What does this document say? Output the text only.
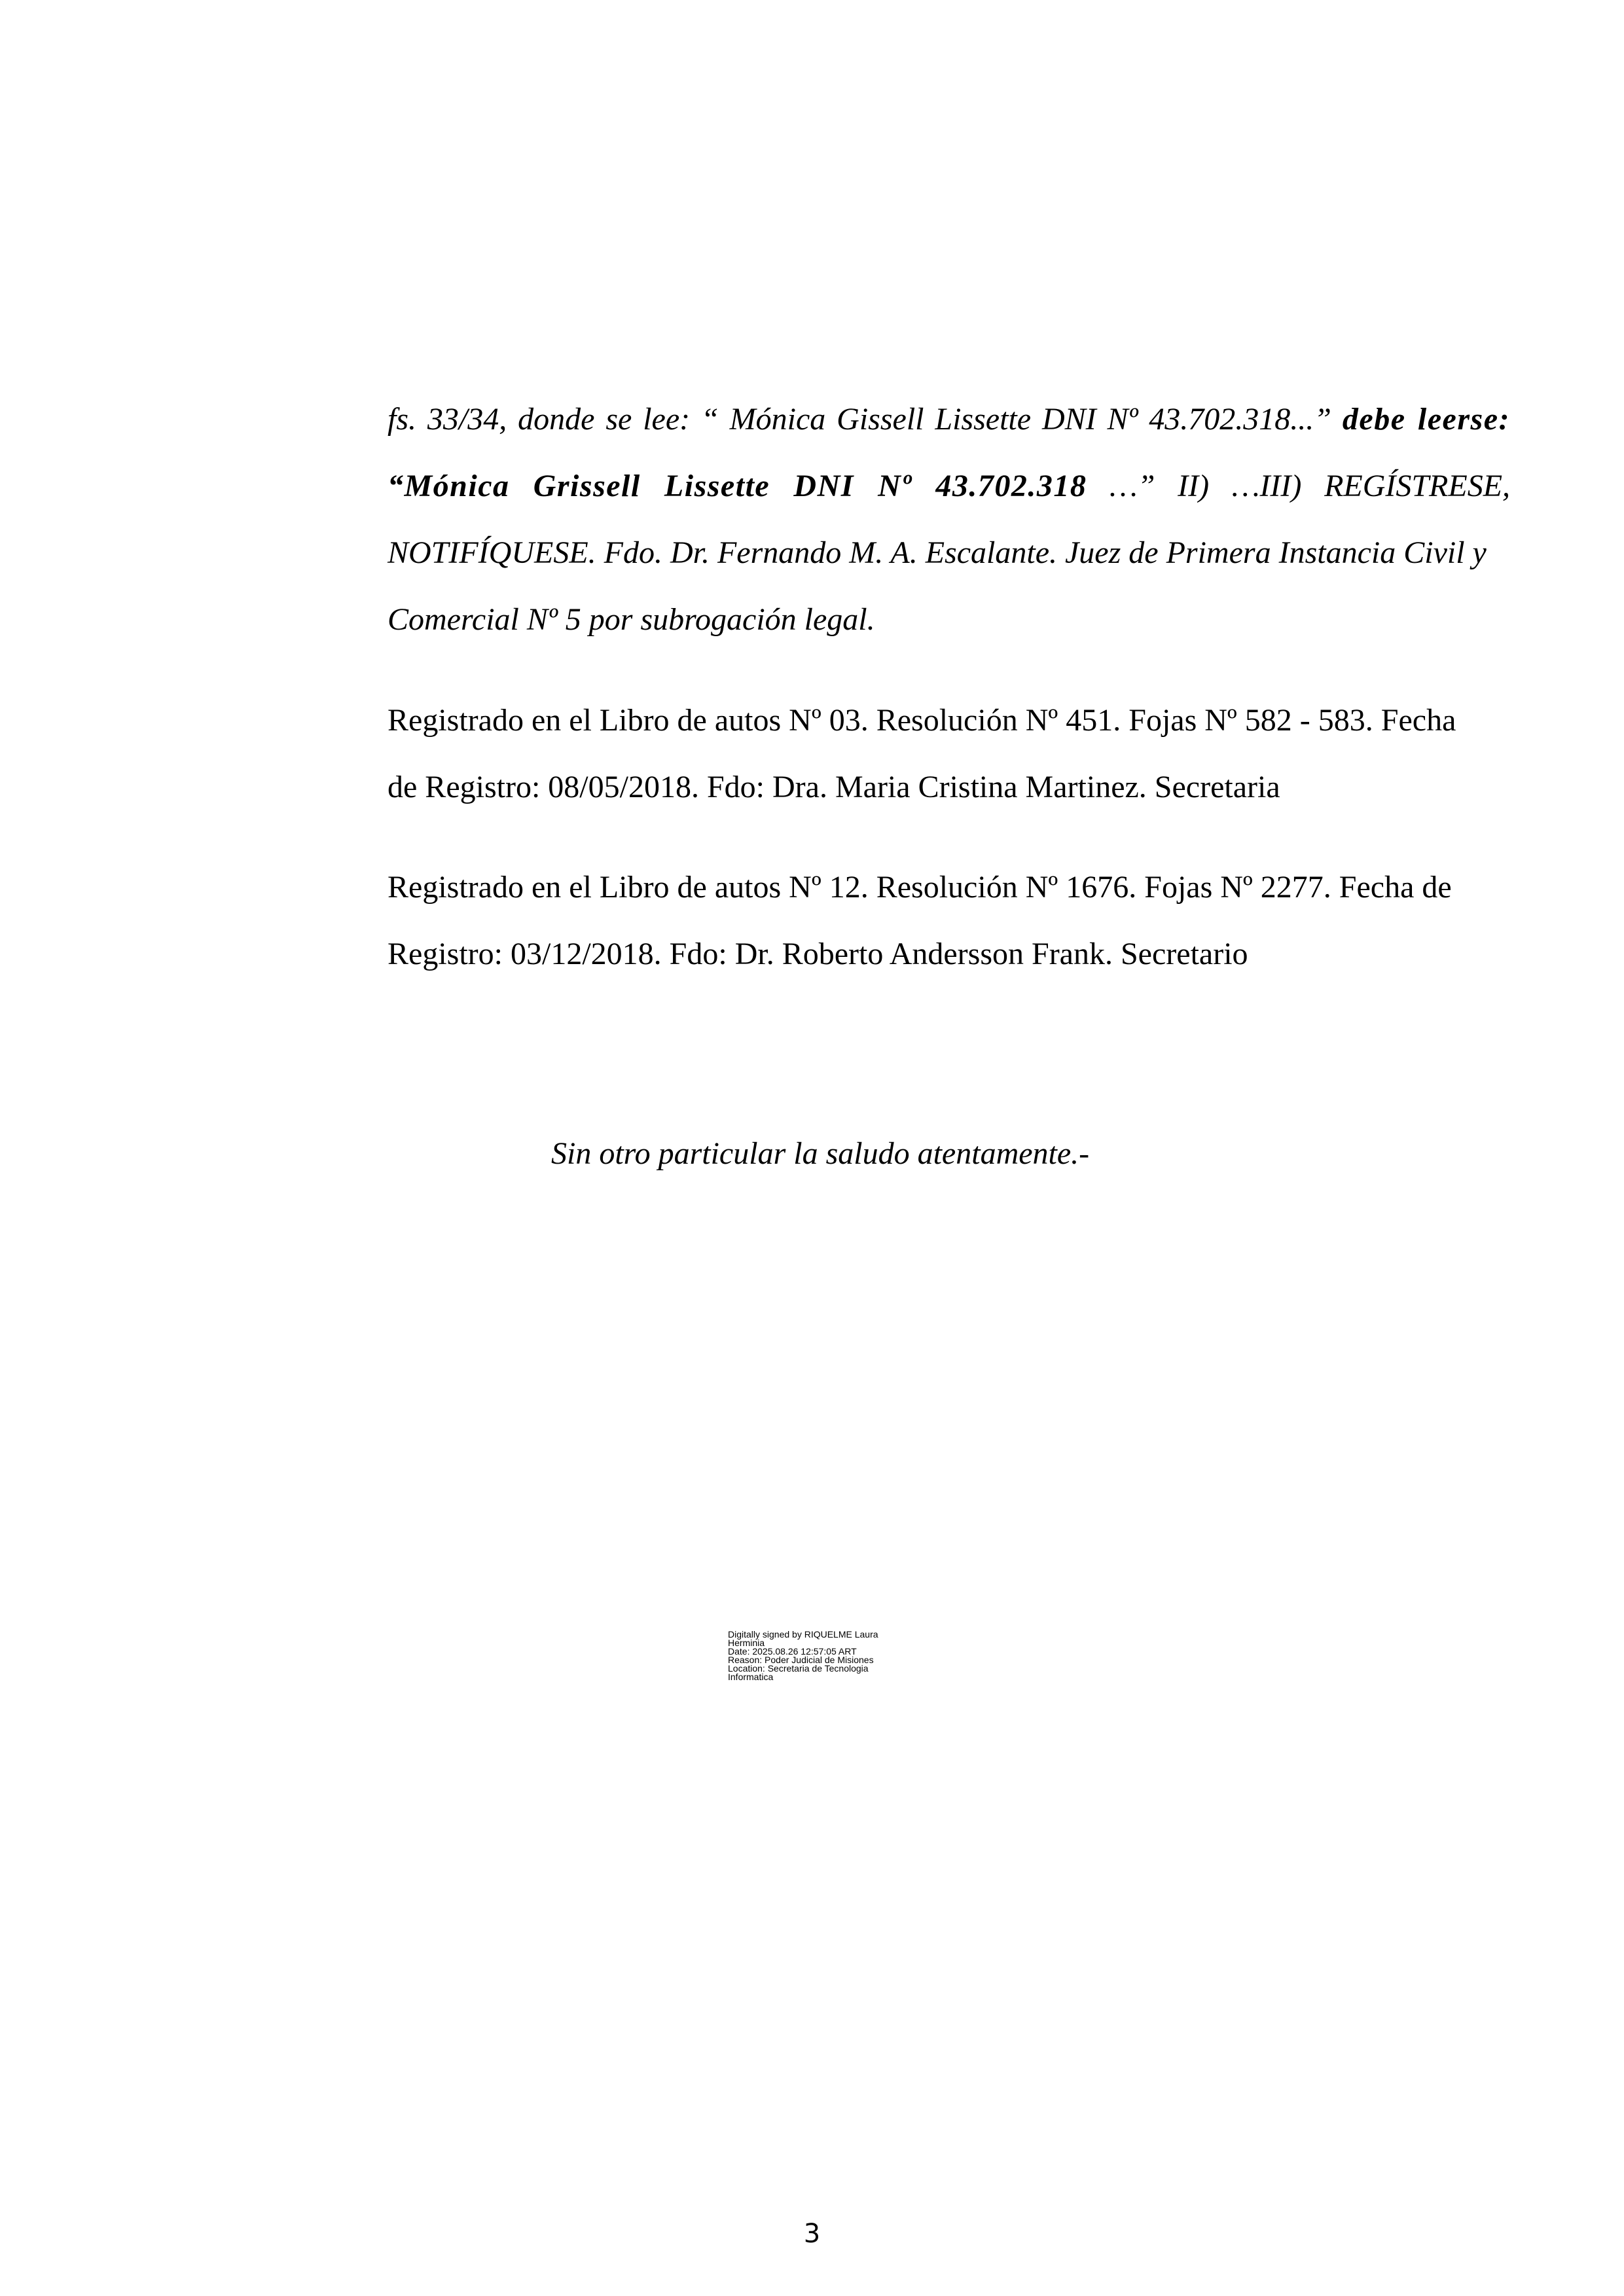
fs. 33/34, donde se lee: “ Mónica Gissell Lissette DNI Nº 43.702.318...” debe leerse:
“Mónica Grissell Lissette DNI Nº 43.702.318 …” II) …III) REGÍSTRESE,
NOTIFÍQUESE. Fdo. Dr. Fernando M. A. Escalante. Juez de Primera Instancia Civil y
Comercial Nº 5 por subrogación legal.
Registrado en el Libro de autos Nº 03. Resolución Nº 451. Fojas Nº 582 - 583. Fecha
de Registro: 08/05/2018. Fdo: Dra. Maria Cristina Martinez. Secretaria
Registrado en el Libro de autos Nº 12. Resolución Nº 1676. Fojas Nº 2277. Fecha de
Registro: 03/12/2018. Fdo: Dr. Roberto Andersson Frank. Secretario
Sin otro particular la saludo atentamente.-
Digitally signed by RIQUELME Laura
Herminia
Date: 2025.08.26 12:57:05 ART
Reason: Poder Judicial de Misiones
Location: Secretaria de Tecnologia
Informatica
3
